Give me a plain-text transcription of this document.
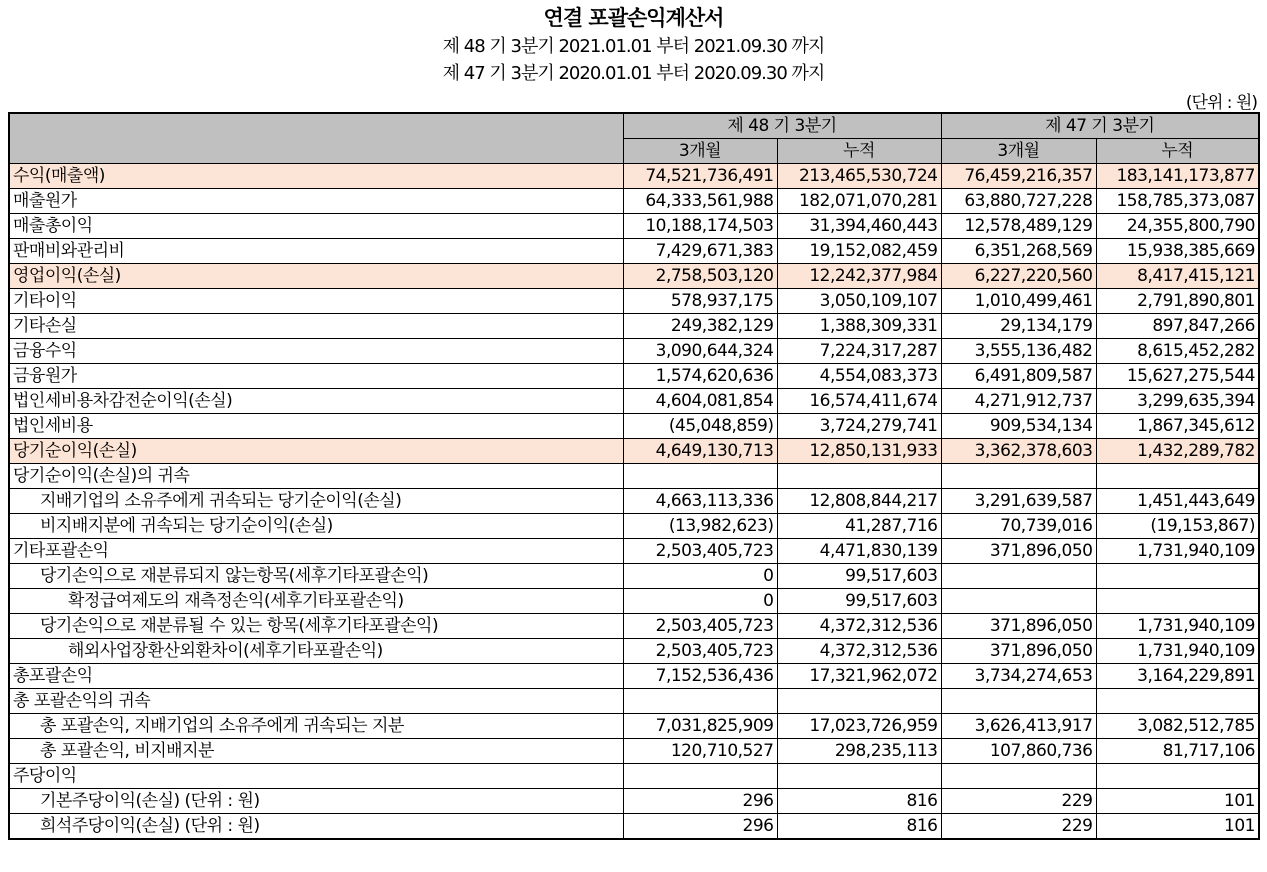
연결 포괄손익계산서
제 48 기 3분기 2021.01.01 부터 2021.09.30 까지
제 47 기 3분기 2020.01.01 부터 2020.09.30 까지
(단위 : 원)
	제 48 기 3분기		제 47 기 3분기	
	3개월	누적	3개월	누적
수익(매출액)	74,521,736,491	213,465,530,724	76,459,216,357	183,141,173,877
매출원가	64,333,561,988	182,071,070,281	63,880,727,228	158,785,373,087
매출총이익	10,188,174,503	31,394,460,443	12,578,489,129	24,355,800,790
판매비와관리비	7,429,671,383	19,152,082,459	6,351,268,569	15,938,385,669
영업이익(손실)	2,758,503,120	12,242,377,984	6,227,220,560	8,417,415,121
기타이익	578,937,175	3,050,109,107	1,010,499,461	2,791,890,801
기타손실	249,382,129	1,388,309,331	29,134,179	897,847,266
금융수익	3,090,644,324	7,224,317,287	3,555,136,482	8,615,452,282
금융원가	1,574,620,636	4,554,083,373	6,491,809,587	15,627,275,544
법인세비용차감전순이익(손실)	4,604,081,854	16,574,411,674	4,271,912,737	3,299,635,394
법인세비용	(45,048,859)	3,724,279,741	909,534,134	1,867,345,612
당기순이익(손실)	4,649,130,713	12,850,131,933	3,362,378,603	1,432,289,782
당기순이익(손실)의 귀속				
지배기업의 소유주에게 귀속되는 당기순이익(손실)	4,663,113,336	12,808,844,217	3,291,639,587	1,451,443,649
비지배지분에 귀속되는 당기순이익(손실)	(13,982,623)	41,287,716	70,739,016	(19,153,867)
기타포괄손익	2,503,405,723	4,471,830,139	371,896,050	1,731,940,109
당기손익으로 재분류되지 않는항목(세후기타포괄손익)	0	99,517,603		
확정급여제도의 재측정손익(세후기타포괄손익)	0	99,517,603		
당기손익으로 재분류될 수 있는 항목(세후기타포괄손익)	2,503,405,723	4,372,312,536	371,896,050	1,731,940,109
해외사업장환산외환차이(세후기타포괄손익)	2,503,405,723	4,372,312,536	371,896,050	1,731,940,109
총포괄손익	7,152,536,436	17,321,962,072	3,734,274,653	3,164,229,891
총 포괄손익의 귀속				
총 포괄손익, 지배기업의 소유주에게 귀속되는 지분	7,031,825,909	17,023,726,959	3,626,413,917	3,082,512,785
총 포괄손익, 비지배지분	120,710,527	298,235,113	107,860,736	81,717,106
주당이익				
기본주당이익(손실) (단위 : 원)	296	816	229	101
희석주당이익(손실) (단위 : 원)	296	816	229	101
